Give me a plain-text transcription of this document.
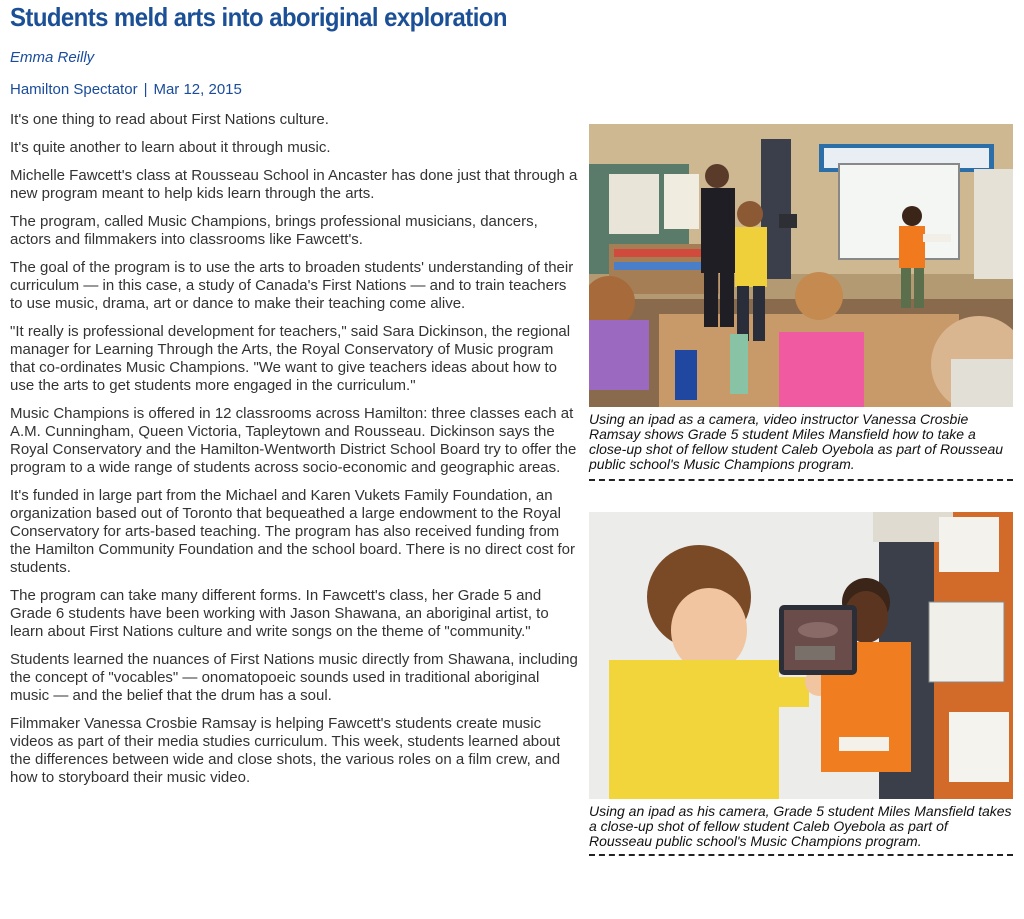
Students meld arts into aboriginal exploration
Emma Reilly
Hamilton Spectator | Mar 12, 2015

It's one thing to read about First Nations culture.

It's quite another to learn about it through music.

Michelle Fawcett's class at Rousseau School in Ancaster has done just that through a new program meant to help kids learn through the arts.

The program, called Music Champions, brings professional musicians, dancers, actors and filmmakers into classrooms like Fawcett's.

The goal of the program is to use the arts to broaden students' understanding of their curriculum — in this case, a study of Canada's First Nations — and to train teachers to use music, drama, art or dance to make their teaching come alive.

"It really is professional development for teachers," said Sara Dickinson, the regional manager for Learning Through the Arts, the Royal Conservatory of Music program that co-ordinates Music Champions. "We want to give teachers ideas about how to use the arts to get students more engaged in the curriculum."

Music Champions is offered in 12 classrooms across Hamilton: three classes each at A.M. Cunningham, Queen Victoria, Tapleytown and Rousseau. Dickinson says the Royal Conservatory and the Hamilton-Wentworth District School Board try to offer the program to a wide range of students across socio-economic and geographic areas.

It's funded in large part from the Michael and Karen Vukets Family Foundation, an organization based out of Toronto that bequeathed a large endowment to the Royal Conservatory for arts-based teaching. The program has also received funding from the Hamilton Community Foundation and the school board. There is no direct cost for students.

The program can take many different forms. In Fawcett's class, her Grade 5 and Grade 6 students have been working with Jason Shawana, an aboriginal artist, to learn about First Nations culture and write songs on the theme of "community."

Students learned the nuances of First Nations music directly from Shawana, including the concept of "vocables" — onomatopoeic sounds used in traditional aboriginal music — and the belief that the drum has a soul.

Filmmaker Vanessa Crosbie Ramsay is helping Fawcett's students create music videos as part of their media studies curriculum. This week, students learned about the differences between wide and close shots, the various roles on a film crew, and how to storyboard their music video.

Using an ipad as a camera, video instructor Vanessa Crosbie Ramsay shows Grade 5 student Miles Mansfield how to take a close-up shot of fellow student Caleb Oyebola as part of Rousseau public school's Music Champions program.
Using an ipad as his camera, Grade 5 student Miles Mansfield takes a close-up shot of fellow student Caleb Oyebola as part of Rousseau public school's Music Champions program.
